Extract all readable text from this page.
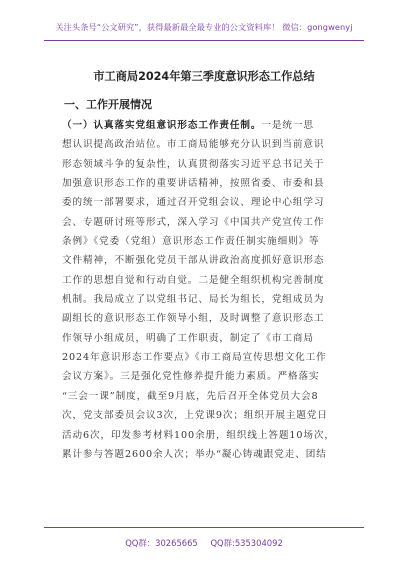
关注头条号“公文研究”，获得最新最全最专业的公文资料库！ 微信：gongwenyj
市工商局2024年第三季度意识形态工作总结
一、工作开展情况
（一）认真落实党组意识形态工作责任制。一是统一思
想认识提高政治站位。市工商局能够充分认识到当前意识
形态领域斗争的复杂性，认真贯彻落实习近平总书记关于
加强意识形态工作的重要讲话精神，按照省委、市委和县
委的统一部署要求，通过召开党组会议、理论中心组学习
会、专题研讨班等形式，深入学习《中国共产党宣传工作
条例》《党委（党组）意识形态工作责任制实施细则》等
文件精神，不断强化党员干部从讲政治高度抓好意识形态
工作的思想自觉和行动自觉。二是健全组织机构完善制度
机制。我局成立了以党组书记、局长为组长，党组成员为
副组长的意识形态工作领导小组，及时调整了意识形态工
作领导小组成员，明确了工作职责，制定了《市工商局
2024年意识形态工作要点》《市工商局宣传思想文化工作
会议方案》。三是强化党性修养提升能力素质。严格落实
“三会一课”制度，截至9月底，先后召开全体党员大会8
次，党支部委员会议3次，上党课9次；组织开展主题党日
活动6次，印发参考材料100余册，组织线上答题10场次，
累计参与答题2600余人次；举办“凝心铸魂跟党走、团结
QQ群：30265665 QQ群:535304092
